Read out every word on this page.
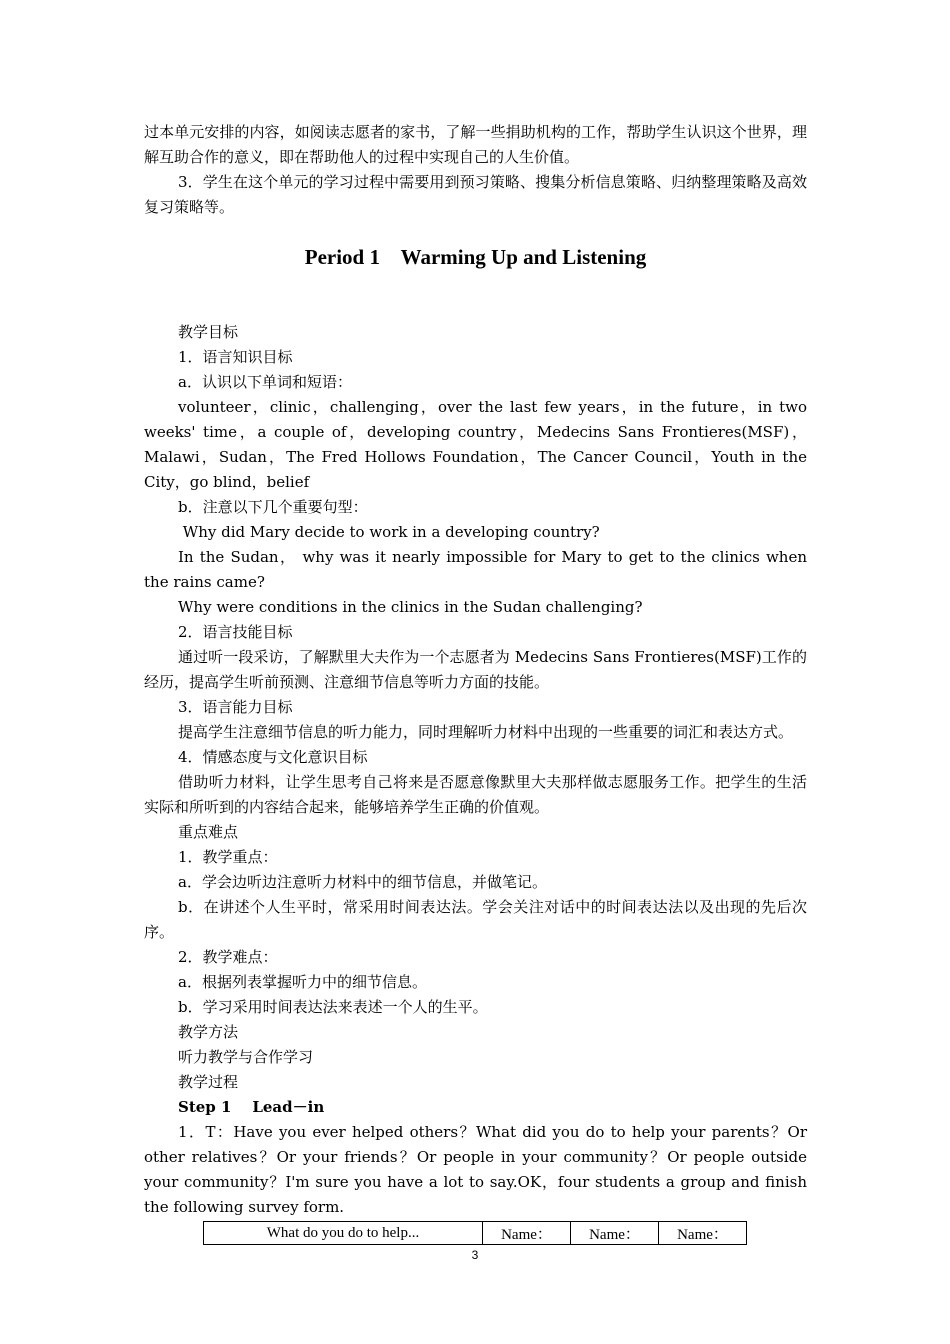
过本单元安排的内容，如阅读志愿者的家书，了解一些捐助机构的工作，帮助学生认识这个世界，理解互助合作的意义，即在帮助他人的过程中实现自己的人生价值。

3．学生在这个单元的学习过程中需要用到预习策略、搜集分析信息策略、归纳整理策略及高效复习策略等。

Period 1    Warming Up and Listening

教学目标

1．语言知识目标

a．认识以下单词和短语：

volunteer，clinic，challenging，over the last few years，in the future，in two weeks' time，a couple of，developing country，Medecins Sans Frontieres(MSF)，Malawi，Sudan，The Fred Hollows Foundation，The Cancer Council，Youth in the City，go blind，belief

b．注意以下几个重要句型：

Why did Mary decide to work in a developing country?

In the Sudan， why was it nearly impossible for Mary to get to the clinics when the rains came?

Why were conditions in the clinics in the Sudan challenging?

2．语言技能目标

通过听一段采访，了解默里大夫作为一个志愿者为 Medecins Sans Frontieres(MSF)工作的经历，提高学生听前预测、注意细节信息等听力方面的技能。

3．语言能力目标

提高学生注意细节信息的听力能力，同时理解听力材料中出现的一些重要的词汇和表达方式。

4．情感态度与文化意识目标

借助听力材料，让学生思考自己将来是否愿意像默里大夫那样做志愿服务工作。把学生的生活实际和所听到的内容结合起来，能够培养学生正确的价值观。

重点难点

1．教学重点：

a．学会边听边注意听力材料中的细节信息，并做笔记。

b．在讲述个人生平时，常采用时间表达法。学会关注对话中的时间表达法以及出现的先后次序。

2．教学难点：

a．根据列表掌握听力中的细节信息。

b．学习采用时间表达法来表述一个人的生平。

教学方法

听力教学与合作学习

教学过程

Step 1    Lead－in

1．T：Have you ever helped others？What did you do to help your parents？Or other relatives？Or your friends？Or people in your community？Or people outside your community？I'm sure you have a lot to say.OK，four students a group and finish the following survey form.

What do you do to help...	Name：	Name：	Name：
3
